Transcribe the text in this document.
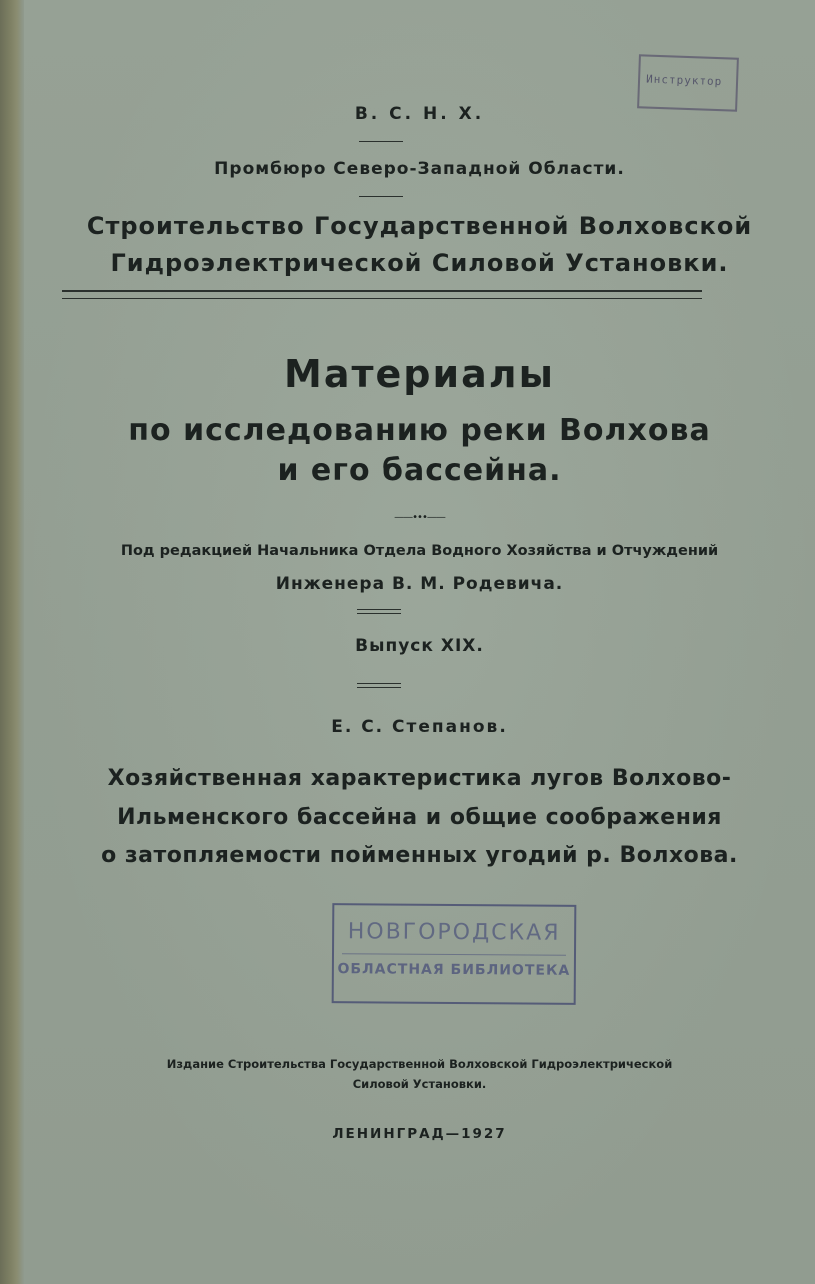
Инструктор
В. С. Н. Х.
Промбюро Северо-Западной Области.
Строительство Государственной Волховской
Гидроэлектрической Силовой Установки.
Материалы
по исследованию реки Волхова
и его бассейна.
——•••——
Под редакцией Начальника Отдела Водного Хозяйства и Отчуждений
Инженера В. М. Родевича.
Выпуск XIX.
Е. С. Степанов.
Хозяйственная характеристика лугов Волхово-
Ильменского бассейна и общие соображения
о затопляемости пойменных угодий р. Волхова.
НОВГОРОДСКАЯ
ОБЛАСТНАЯ БИБЛИОТЕКА
Издание Строительства Государственной Волховской Гидроэлектрической
Силовой Установки.
ЛЕНИНГРАД—1927
